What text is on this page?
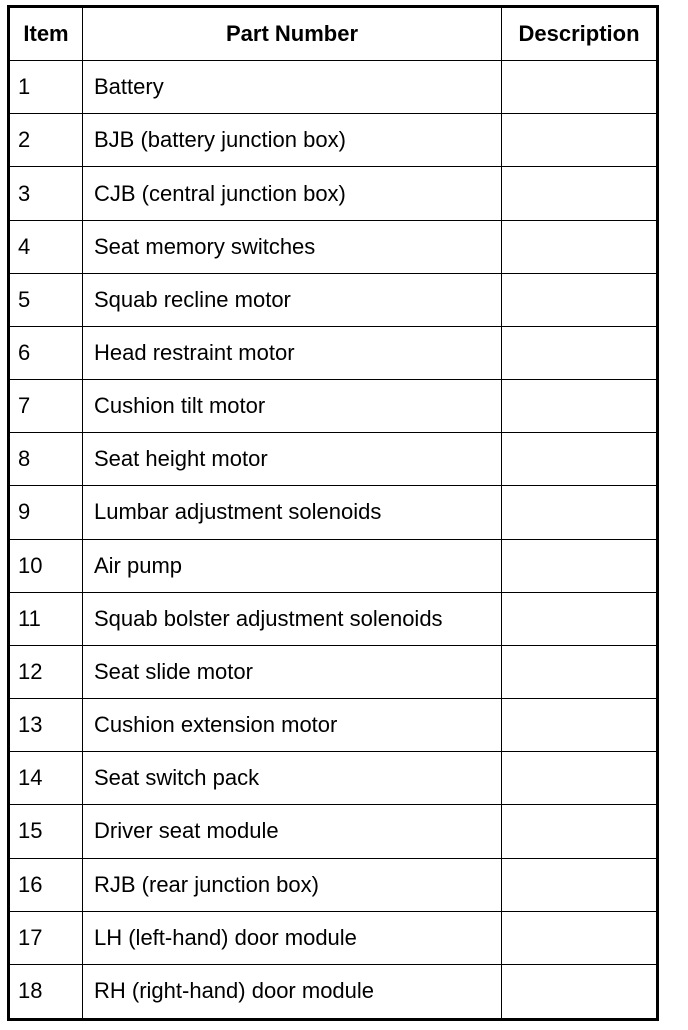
Item	Part Number	Description
1	Battery
2	BJB (battery junction box)
3	CJB (central junction box)
4	Seat memory switches
5	Squab recline motor
6	Head restraint motor
7	Cushion tilt motor
8	Seat height motor
9	Lumbar adjustment solenoids
10	Air pump
11	Squab bolster adjustment solenoids
12	Seat slide motor
13	Cushion extension motor
14	Seat switch pack
15	Driver seat module
16	RJB (rear junction box)
17	LH (left-hand) door module
18	RH (right-hand) door module
